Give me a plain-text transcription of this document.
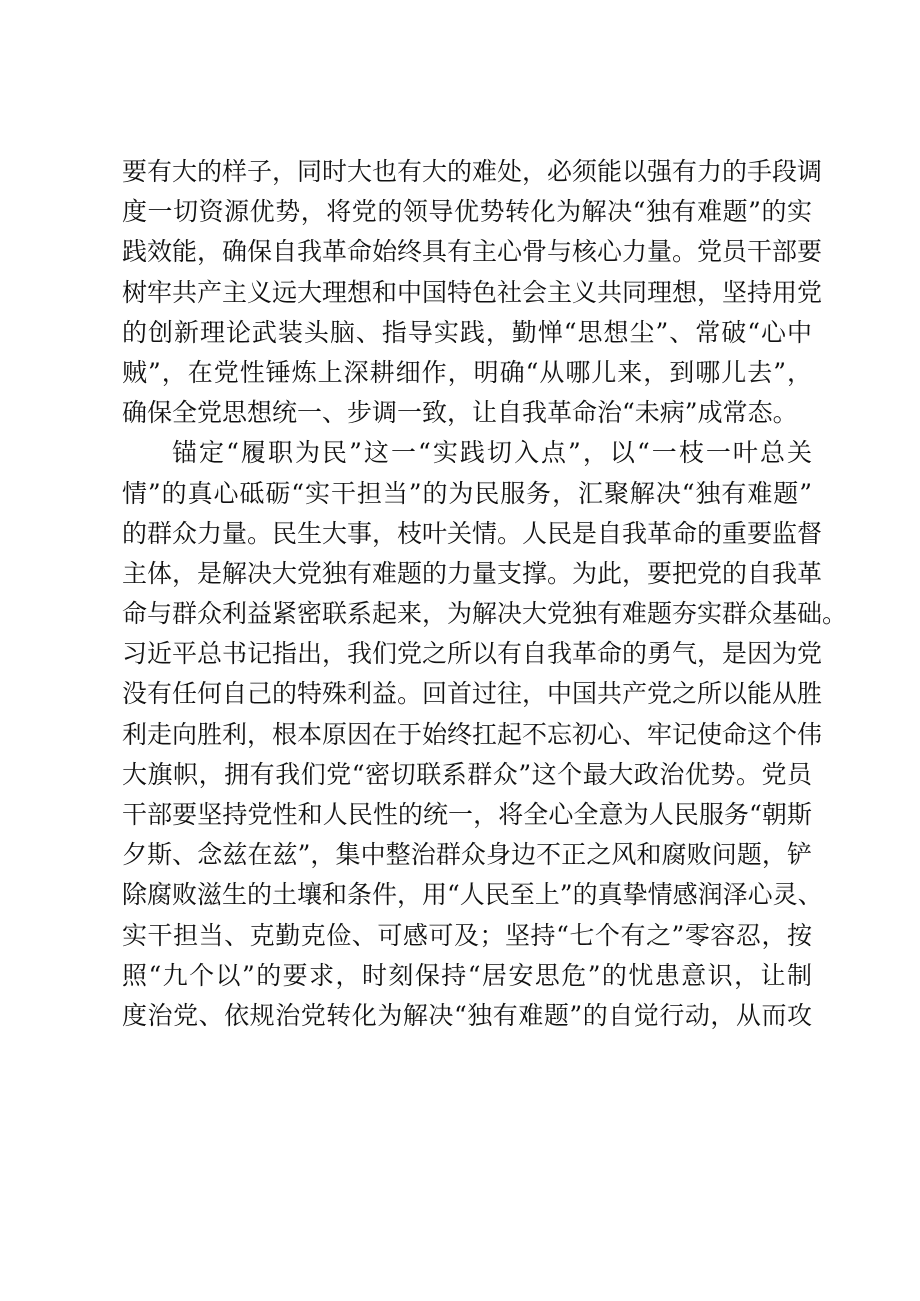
要有大的样子，同时大也有大的难处，必须能以强有力的手段调
度一切资源优势，将党的领导优势转化为解决“独有难题”的实
践效能，确保自我革命始终具有主心骨与核心力量。党员干部要
树牢共产主义远大理想和中国特色社会主义共同理想，坚持用党
的创新理论武装头脑、指导实践，勤惮“思想尘”、常破“心中
贼”，在党性锤炼上深耕细作，明确“从哪儿来，到哪儿去”，
确保全党思想统一、步调一致，让自我革命治“未病”成常态。
锚定“履职为民”这一“实践切入点”，以“一枝一叶总关
情”的真心砥砺“实干担当”的为民服务，汇聚解决“独有难题”
的群众力量。民生大事，枝叶关情。人民是自我革命的重要监督
主体，是解决大党独有难题的力量支撑。为此，要把党的自我革
命与群众利益紧密联系起来，为解决大党独有难题夯实群众基础。
习近平总书记指出，我们党之所以有自我革命的勇气，是因为党
没有任何自己的特殊利益。回首过往，中国共产党之所以能从胜
利走向胜利，根本原因在于始终扛起不忘初心、牢记使命这个伟
大旗帜，拥有我们党“密切联系群众”这个最大政治优势。党员
干部要坚持党性和人民性的统一，将全心全意为人民服务“朝斯
夕斯、念兹在兹”，集中整治群众身边不正之风和腐败问题，铲
除腐败滋生的土壤和条件，用“人民至上”的真挚情感润泽心灵、
实干担当、克勤克俭、可感可及；坚持“七个有之”零容忍，按
照“九个以”的要求，时刻保持“居安思危”的忧患意识，让制
度治党、依规治党转化为解决“独有难题”的自觉行动，从而攻
